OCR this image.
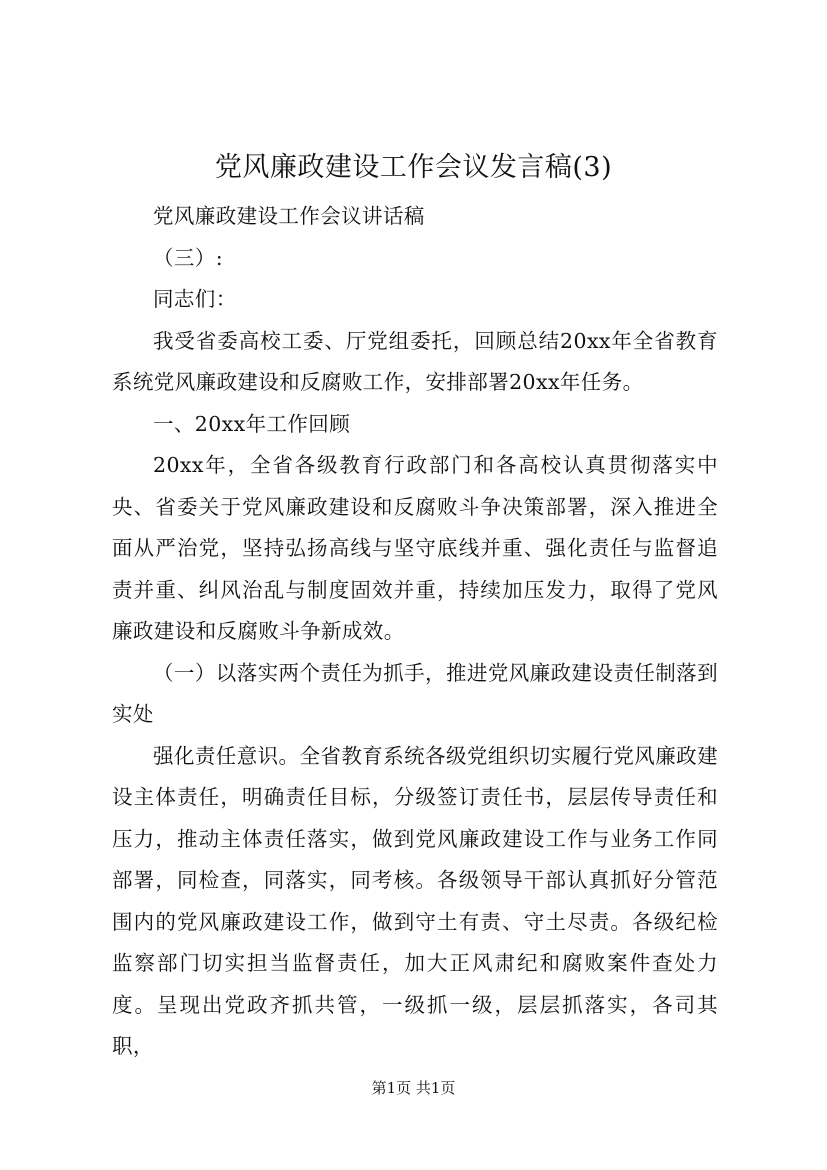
党风廉政建设工作会议发言稿(3)

党风廉政建设工作会议讲话稿

（三）:

同志们：

我受省委高校工委、厅党组委托，回顾总结20xx年全省教育系统党风廉政建设和反腐败工作，安排部署20xx年任务。

一、20xx年工作回顾

20xx年，全省各级教育行政部门和各高校认真贯彻落实中央、省委关于党风廉政建设和反腐败斗争决策部署，深入推进全面从严治党，坚持弘扬高线与坚守底线并重、强化责任与监督追责并重、纠风治乱与制度固效并重，持续加压发力，取得了党风廉政建设和反腐败斗争新成效。

（一）以落实两个责任为抓手，推进党风廉政建设责任制落到实处

强化责任意识。全省教育系统各级党组织切实履行党风廉政建设主体责任，明确责任目标，分级签订责任书，层层传导责任和压力，推动主体责任落实，做到党风廉政建设工作与业务工作同部署，同检查，同落实，同考核。各级领导干部认真抓好分管范围内的党风廉政建设工作，做到守土有责、守土尽责。各级纪检监察部门切实担当监督责任，加大正风肃纪和腐败案件查处力度。呈现出党政齐抓共管，一级抓一级，层层抓落实，各司其职，

第1页 共1页
